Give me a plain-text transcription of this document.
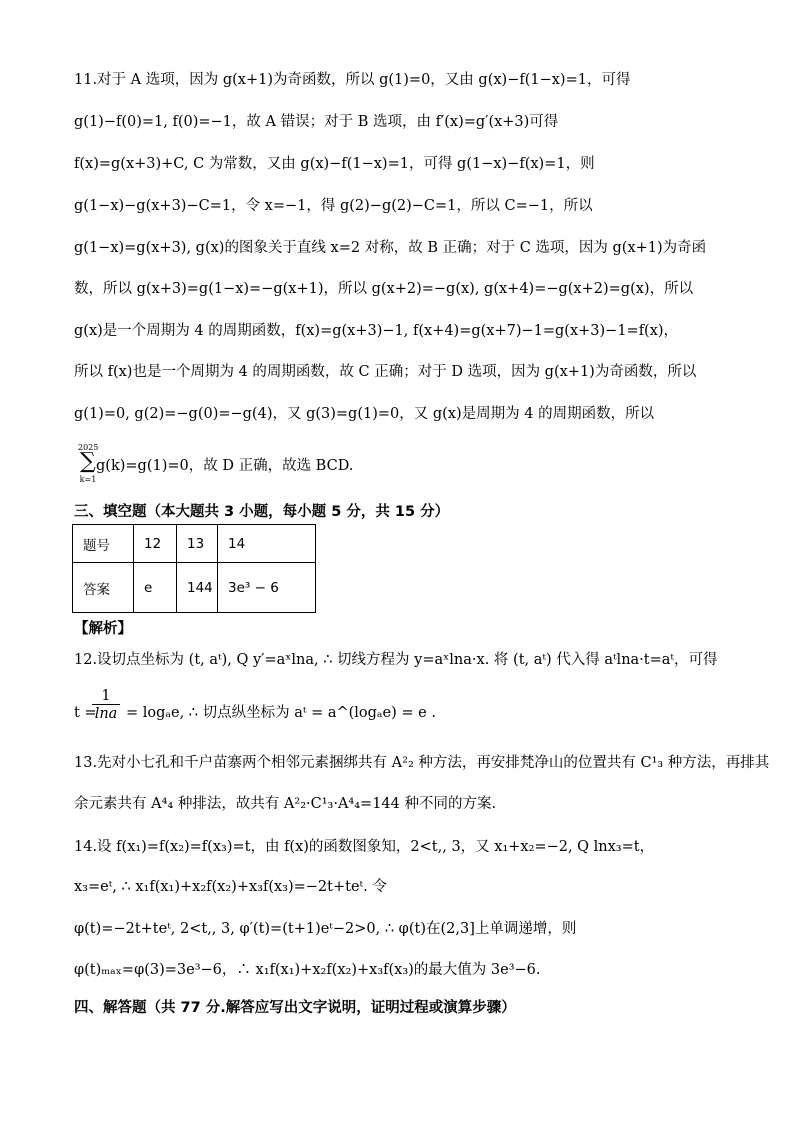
11.对于 A 选项，因为 g(x+1)为奇函数，所以 g(1)=0，又由 g(x)−f(1−x)=1，可得
g(1)−f(0)=1, f(0)=−1，故 A 错误；对于 B 选项，由 f′(x)=g′(x+3)可得
f(x)=g(x+3)+C, C 为常数，又由 g(x)−f(1−x)=1，可得 g(1−x)−f(x)=1，则
g(1−x)−g(x+3)−C=1，令 x=−1，得 g(2)−g(2)−C=1，所以 C=−1，所以
g(1−x)=g(x+3), g(x)的图象关于直线 x=2 对称，故 B 正确；对于 C 选项，因为 g(x+1)为奇函
数，所以 g(x+3)=g(1−x)=−g(x+1)，所以 g(x+2)=−g(x), g(x+4)=−g(x+2)=g(x)，所以
g(x)是一个周期为 4 的周期函数，f(x)=g(x+3)−1, f(x+4)=g(x+7)−1=g(x+3)−1=f(x)，
所以 f(x)也是一个周期为 4 的周期函数，故 C 正确；对于 D 选项，因为 g(x+1)为奇函数，所以
g(1)=0, g(2)=−g(0)=−g(4)，又 g(3)=g(1)=0，又 g(x)是周期为 4 的周期函数，所以
2025
∑
k=1
g(k)=g(1)=0，故 D 正确，故选 BCD.
三、填空题（本大题共 3 小题，每小题 5 分，共 15 分）
题号	12	13	14
答案	e	144	3e³ − 6
【解析】
12.设切点坐标为 (t, aᵗ), Q y′=aˣlna, ∴ 切线方程为 y=aˣlna·x. 将 (t, aᵗ) 代入得 aᵗlna·t=aᵗ，可得
t =
$\frac{1}{\ln a} = \log_ae$, ∴ 切点纵坐标为 aᵗ = a^(logₐe) = e .
13.先对小七孔和千户苗寨两个相邻元素捆绑共有 A²₂ 种方法，再安排梵净山的位置共有 C¹₃ 种方法，再排其
余元素共有 A⁴₄ 种排法，故共有 A²₂·C¹₃·A⁴₄=144 种不同的方案.
14.设 f(x₁)=f(x₂)=f(x₃)=t，由 f(x)的函数图象知，2<t,, 3，又 x₁+x₂=−2, Q lnx₃=t，
x₃=eᵗ, ∴ x₁f(x₁)+x₂f(x₂)+x₃f(x₃)=−2t+teᵗ. 令
φ(t)=−2t+teᵗ, 2<t,, 3, φ′(t)=(t+1)eᵗ−2>0, ∴ φ(t)在(2,3]上单调递增，则
φ(t)ₘₐₓ=φ(3)=3e³−6，∴ x₁f(x₁)+x₂f(x₂)+x₃f(x₃)的最大值为 3e³−6.
四、解答题（共 77 分.解答应写出文字说明，证明过程或演算步骤）
